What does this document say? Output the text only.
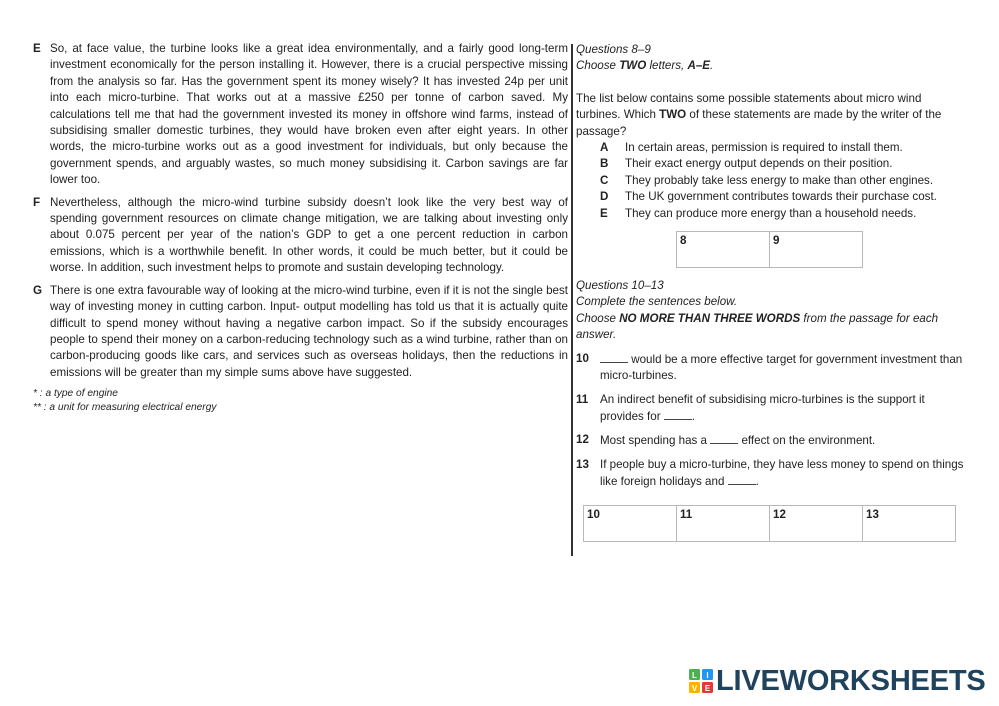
E So, at face value, the turbine looks like a great idea environmentally, and a fairly good long-term investment economically for the person installing it. However, there is a crucial perspective missing from the analysis so far. Has the government spent its money wisely? It has invested 24p per unit into each micro-turbine. That works out at a massive £250 per tonne of carbon saved. My calculations tell me that had the government invested its money in offshore wind farms, instead of subsidising smaller domestic turbines, they would have broken even after eight years. In other words, the micro-turbine works out as a good investment for individuals, but only because the government spends, and arguably wastes, so much money subsidising it. Carbon savings are far lower too.
F Nevertheless, although the micro-wind turbine subsidy doesn’t look like the very best way of spending government resources on climate change mitigation, we are talking about investing only about 0.075 percent per year of the nation’s GDP to get a one percent reduction in carbon emissions, which is a worthwhile benefit. In other words, it could be much better, but it could be worse. In addition, such investment helps to promote and sustain developing technology.
G There is one extra favourable way of looking at the micro-wind turbine, even if it is not the single best way of investing money in cutting carbon. Input- output modelling has told us that it is actually quite difficult to spend money without having a negative carbon impact. So if the subsidy encourages people to spend their money on a carbon-reducing technology such as a wind turbine, rather than on carbon-producing goods like cars, and services such as overseas holidays, then the reductions in emissions will be greater than my simple sums above have suggested.
* : a type of engine
** : a unit for measuring electrical energy
Questions 8–9
Choose TWO letters, A–E.
The list below contains some possible statements about micro wind turbines. Which TWO of these statements are made by the writer of the passage?
A	In certain areas, permission is required to install them.
B	Their exact energy output depends on their position.
C	They probably take less energy to make than other engines.
D	The UK government contributes towards their purchase cost.
E	They can produce more energy than a household needs.
8	9
Questions 10–13
Complete the sentences below.
Choose NO MORE THAN THREE WORDS from the passage for each answer.
10	would be a more effective target for government investment than micro-turbines.
11	An indirect benefit of subsidising micro-turbines is the support it provides for .
12 Most spending has a  effect on the environment.
13 If people buy a micro-turbine, they have less money to spend on things like foreign holidays and .
10	11	12	13
L I
V E LIVEWORKSHEETS
